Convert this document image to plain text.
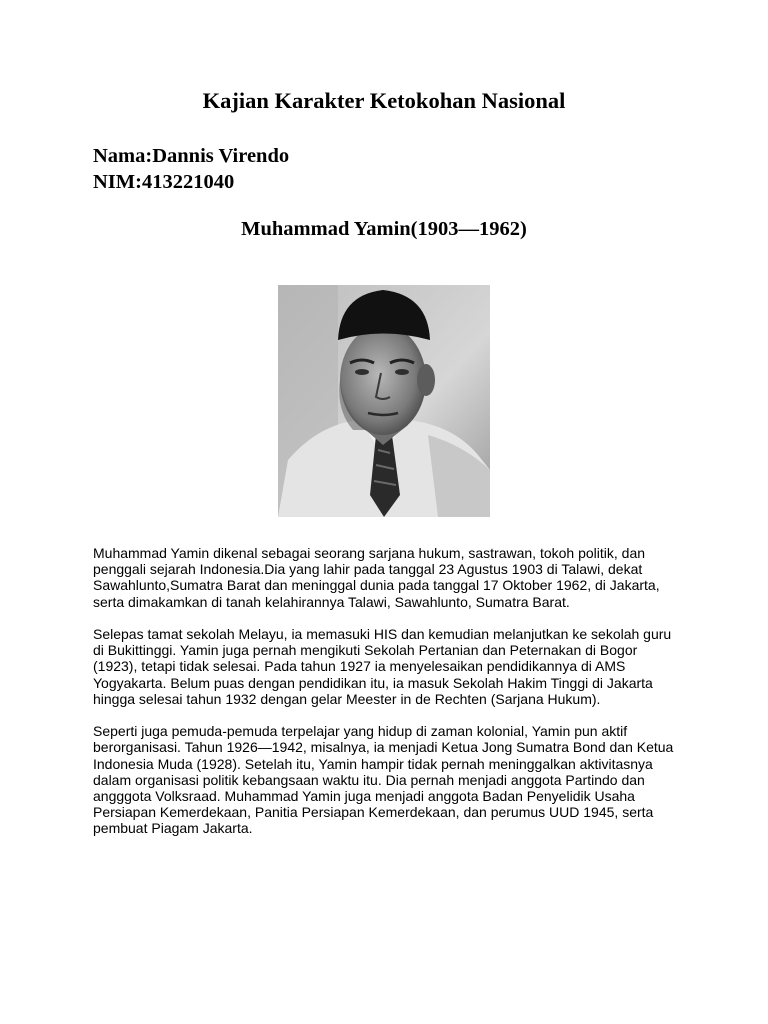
Kajian Karakter Ketokohan Nasional
Nama:Dannis Virendo
NIM:413221040
Muhammad Yamin(1903—1962)

Muhammad Yamin dikenal sebagai seorang sarjana hukum, sastrawan, tokoh politik, dan penggali sejarah Indonesia.Dia yang lahir pada tanggal 23 Agustus 1903 di Talawi, dekat Sawahlunto,Sumatra Barat dan meninggal dunia pada tanggal 17 Oktober 1962, di Jakarta, serta dimakamkan di tanah kelahirannya Talawi, Sawahlunto, Sumatra Barat.

Selepas tamat sekolah Melayu, ia memasuki HIS dan kemudian melanjutkan ke sekolah guru di Bukittinggi. Yamin juga pernah mengikuti Sekolah Pertanian dan Peternakan di Bogor (1923), tetapi tidak selesai. Pada tahun 1927 ia menyelesaikan pendidikannya di AMS Yogyakarta. Belum puas dengan pendidikan itu, ia masuk Sekolah Hakim Tinggi di Jakarta hingga selesai tahun 1932 dengan gelar Meester in de Rechten (Sarjana Hukum).

Seperti juga pemuda-pemuda terpelajar yang hidup di zaman kolonial, Yamin pun aktif berorganisasi. Tahun 1926—1942, misalnya, ia menjadi Ketua Jong Sumatra Bond dan Ketua Indonesia Muda (1928). Setelah itu, Yamin hampir tidak pernah meninggalkan aktivitasnya dalam organisasi politik kebangsaan waktu itu. Dia pernah menjadi anggota Partindo dan angggota Volksraad. Muhammad Yamin juga menjadi anggota Badan Penyelidik Usaha Persiapan Kemerdekaan, Panitia Persiapan Kemerdekaan, dan perumus UUD 1945, serta pembuat Piagam Jakarta.
